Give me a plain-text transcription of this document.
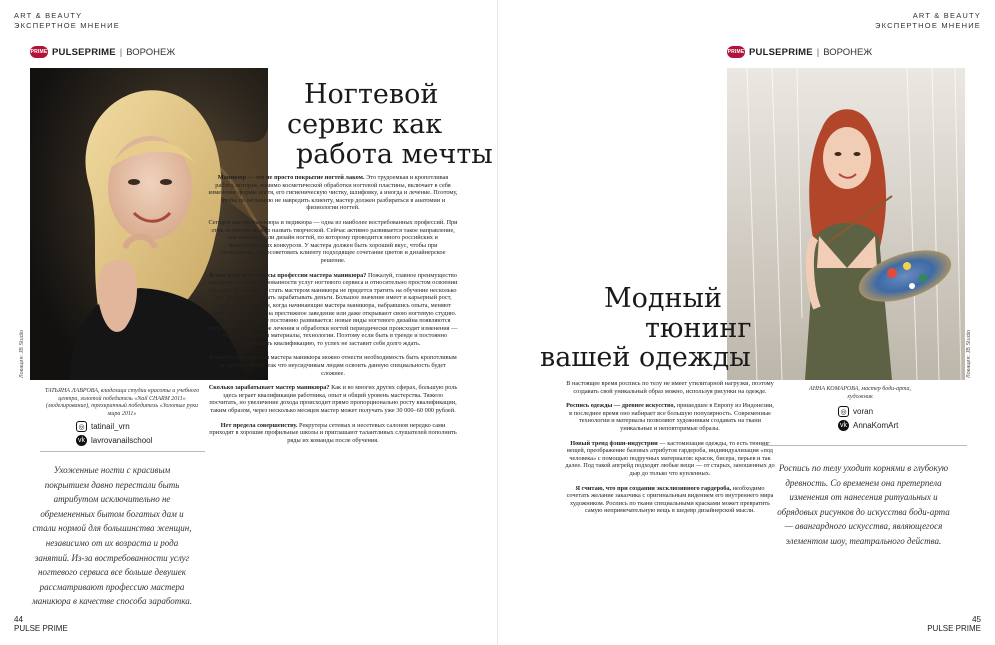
ART & BEAUTY
ЭКСПЕРТНОЕ МНЕНИЕ
ART & BEAUTY
ЭКСПЕРТНОЕ МНЕНИЕ
PRIME PULSEPRIME | ВОРОНЕЖ	PRIME PULSEPRIME | ВОРОНЕЖ
Локация: JB Studio	Локация: JB Studio
ТАТЬЯНА ЛАВРОВА, владелица студии красоты и учебного центра, золотой победитель «Nail CHARM 2011» (моделирование), трехкратный победитель «Золотые руки мира 2011»
АННА КОМАРОВА, мастер боди-арта, художник
◎ tatinail_vrn
vk lavrovanailschool
◎ voran
vk AnnaKomArt
Ухоженные ногти с красивым покрытием давно перестали быть атрибутом исключительно не обремененных бытом богатых дам и стали нормой для большинства женщин, независимо от их возраста и рода занятий. Из-за востребованности услуг ногтевого сервиса все больше девушек рассматривают профессию мастера маникюра в качестве способа заработка.
Роспись по телу уходит корнями в глубокую древность. Со временем она претерпела изменения от нанесения ритуальных и обрядовых рисунков до искусства боди-арта — авангардного искусства, являющегося элементом шоу, театрального действа.
Ногтевой
сервис как
работа мечты
Модный
тюнинг
вашей одежды

Маникюр — это не просто покрытие ногтей лаком. Это трудоемкая и кропотливая работа, которая, помимо косметической обработки ногтевой пластины, включает в себя изменение формы ногтя, его гигиеническую чистку, шлифовку, а иногда и лечение. Поэтому, чтобы по незнанию не навредить клиенту, мастер должен разбираться в анатомии и физиологии ногтей.

Сегодня мастер маникюра и педикюра — одна из наиболее востребованных профессий. При этом ее вполне можно назвать творческой. Сейчас активно развивается такое направление, как нейл-арт, или дизайн ногтей, по которому проводится много российских и международных конкурсов. У мастера должен быть хороший вкус, чтобы при необходимости посоветовать клиенту подходящее сочетание цветов и дизайнерское решение.

В чем плюсы и минусы профессии мастера маникюра? Пожалуй, главное преимущество заключается в востребованности услуг ногтевого сервиса и относительно простом освоении его азов. Желающему стать мастером маникюра не придется тратить на обучение несколько лет, прежде чем начать зарабатывать деньги. Большое значение имеет и карьерный рост, ведь нередки случаи, когда начинающие мастера маникюра, набравшись опыта, меняют салон эконом-класса на престижное заведение или даже открывают свою ногтевую студию. Сама отрасль также постоянно развивается: новые виды ногтевого дизайна появляются регулярно, да и в сфере лечения и обработки ногтей периодически происходят изменения — совершенствуются материалы, технологии. Поэтому если быть в тренде и постоянно повышать квалификацию, то успех не заставит себя долго ждать.

К минусам профессии мастера маникюра можно отнести необходимость быть кропотливым во время работы, так что неусидчивым людям освоить данную специальность будет сложнее.

Сколько зарабатывает мастер маникюра? Как и во многих других сферах, большую роль здесь играет квалификация работника, опыт и общий уровень мастерства. Тяжело посчитать, но увеличение дохода происходит прямо пропорционально росту квалификации, таким образом, через несколько месяцев мастер может получать уже 30 000–60 000 рублей.

Нет предела совершенству. Рекрутеры сетевых и несетевых салонов нередко сами приходят в хорошие профильные школы и приглашают талантливых слушателей пополнить ряды их команды после обучения.

В настоящее время роспись по телу не имеет утилитарной нагрузки, поэтому создавать свой уникальный образ можно, используя рисунки на одежде.

Роспись одежды — древнее искусство, пришедшее в Европу из Индонезии, в последнее время оно набирает все большую популярность. Современные технологии и материалы позволяют художникам создавать на ткани уникальные и неповторимые образы.

Новый тренд фэшн-индустрии — кастомизация одежды, то есть тюнинг вещей, преображение базовых атрибутов гардероба, индивидуализация «под человека» с помощью подручных материалов: красок, бисера, перьев и так далее. Под такой апгрейд подходят любые вещи — от старых, заношенных до дыр до только что купленных.

Я считаю, что при создании эксклюзивного гардероба, необходимо сочетать желание заказчика с оригинальным видением его внутреннего мира художником. Роспись по ткани специальными красками может превратить самую непримечательную вещь в шедевр дизайнерской мысли.

44
PULSE PRIME
45
PULSE PRIME
